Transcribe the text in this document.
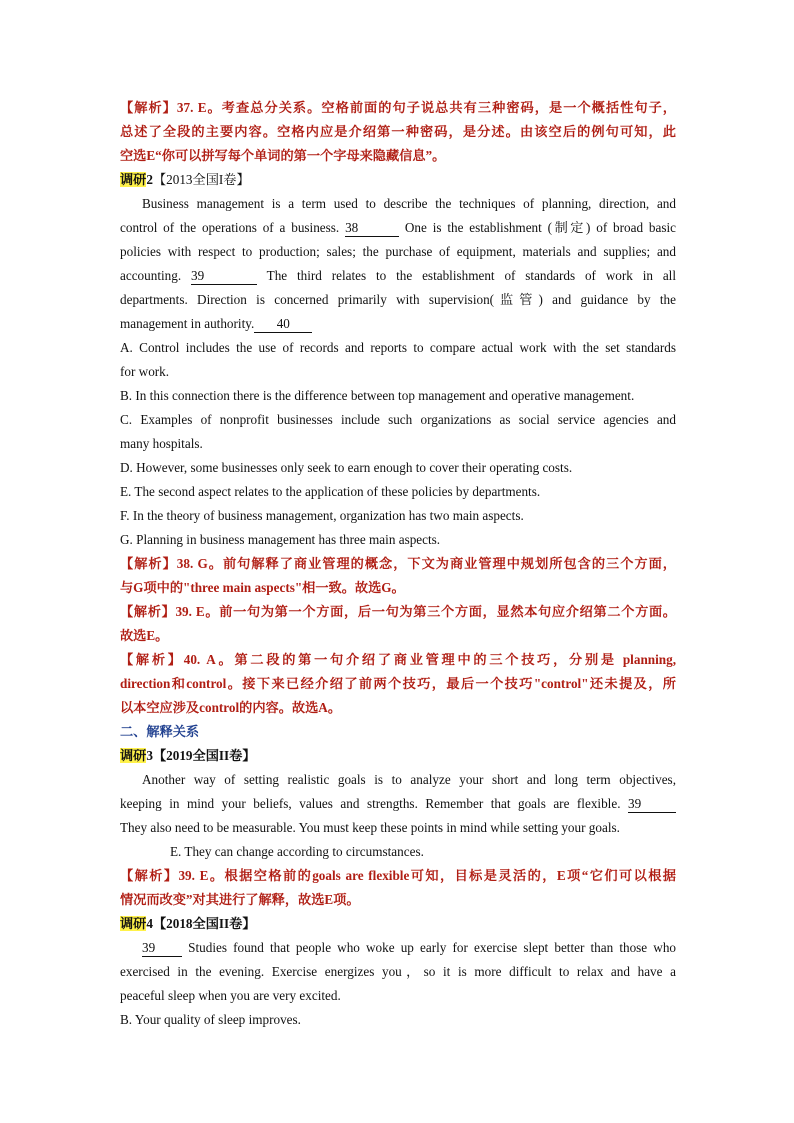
【解析】37. E。考查总分关系。空格前面的句子说总共有三种密码，是一个概括性句子，
总述了全段的主要内容。空格内应是介绍第一种密码，是分述。由该空后的例句可知，此
空选E“你可以拼写每个单词的第一个字母来隐藏信息”。
调研2【2013全国I卷】
Business management is a term used to describe the techniques of planning, direction, and
control of the operations of a business. 38	One is the establishment (制定) of broad basic
policies with respect to production; sales; the purchase of equipment, materials and supplies; and
accounting. 39	The third relates to the establishment of standards of work in all
departments. Direction is concerned primarily with supervision(监管) and guidance by the
management in authority. 40
A. Control includes the use of records and reports to compare actual work with the set standards
for work.
B. In this connection there is the difference between top management and operative management.
C. Examples of nonprofit businesses include such organizations as social service agencies and
many hospitals.
D. However, some businesses only seek to earn enough to cover their operating costs.
E. The second aspect relates to the application of these policies by departments.
F. In the theory of business management, organization has two main aspects.
G. Planning in business management has three main aspects.
【解析】38. G。前句解释了商业管理的概念，下文为商业管理中规划所包含的三个方面，
与G项中的"three main aspects"相一致。故选G。
【解析】39. E。前一句为第一个方面，后一句为第三个方面，显然本句应介绍第二个方面。
故选E。
【解析】40. A。第二段的第一句介绍了商业管理中的三个技巧，分别是 planning,
direction和control。接下来已经介绍了前两个技巧，最后一个技巧"control"还未提及，所
以本空应涉及control的内容。故选A。
二、解释关系
调研3【2019全国II卷】
Another way of setting realistic goals is to analyze your short and long term objectives,
keeping in mind your beliefs, values and strengths. Remember that goals are flexible. 39
They also need to be measurable. You must keep these points in mind while setting your goals.
E. They can change according to circumstances.
【解析】39. E。根据空格前的goals are flexible可知，目标是灵活的，E项“它们可以根据
情况而改变”对其进行了解释，故选E项。
调研4【2018全国II卷】
39 Studies found that people who woke up early for exercise slept better than those who
exercised in the evening. Exercise energizes you，so it is more difficult to relax and have a
peaceful sleep when you are very excited.
B. Your quality of sleep improves.
